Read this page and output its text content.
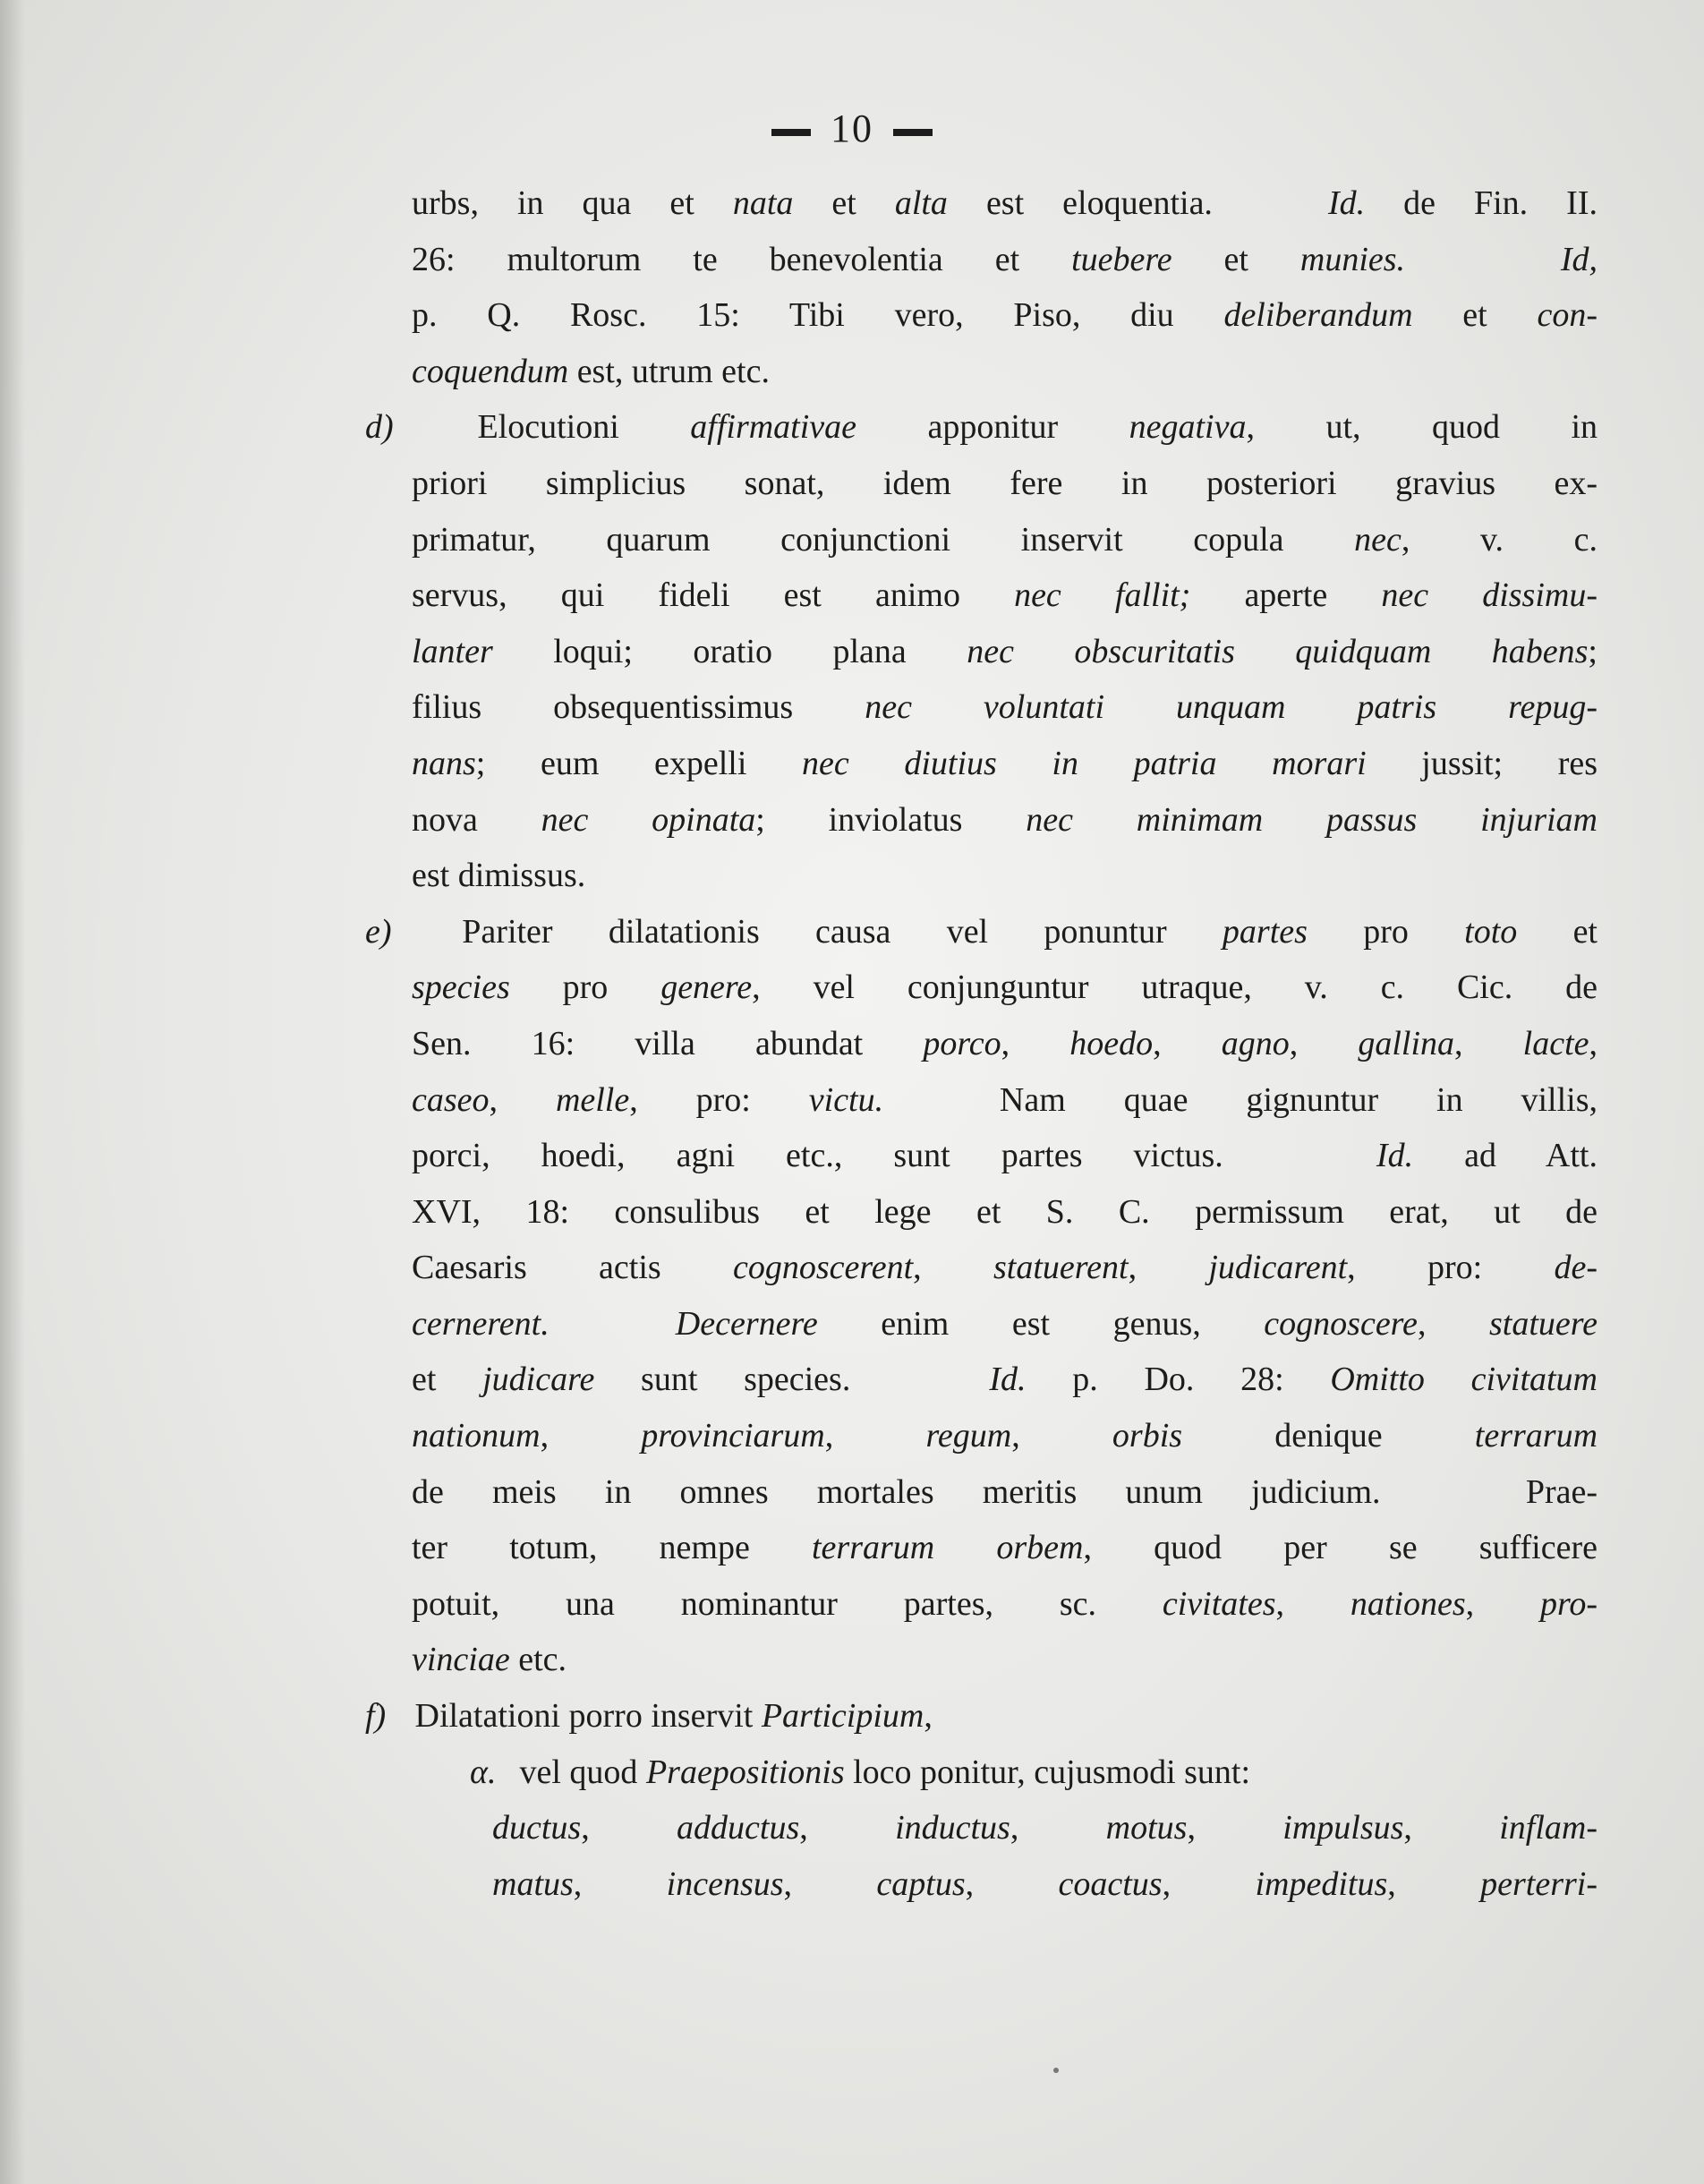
10
urbs, in qua et nata et alta est eloquentia.   Id. de Fin. II.
26: multorum te benevolentia et tuebere et munies.	Id,
p. Q. Rosc. 15: Tibi vero, Piso, diu deliberandum et con-
coquendum est, utrum etc.
d) Elocutioni affirmativae apponitur negativa, ut, quod in
priori simplicius sonat, idem fere in posteriori gravius ex-
primatur, quarum conjunctioni inservit copula nec, v. c.
servus, qui fideli est animo nec fallit; aperte nec dissimu-
lanter loqui; oratio plana nec obscuritatis quidquam habens;
filius obsequentissimus nec voluntati unquam patris repug-
nans; eum expelli nec diutius in patria morari jussit; res
nova nec opinata; inviolatus nec minimam passus injuriam
est dimissus.
e) Pariter dilatationis causa vel ponuntur partes pro toto et
species pro genere, vel conjunguntur utraque, v. c. Cic. de
Sen. 16: villa abundat porco, hoedo, agno, gallina, lacte,
caseo, melle, pro: victu.  Nam quae gignuntur in villis,
porci, hoedi, agni etc., sunt partes victus.   Id. ad Att.
XVI, 18: consulibus et lege et S. C. permissum erat, ut de
Caesaris actis cognoscerent, statuerent, judicarent, pro: de-
cernerent.	Decernere enim est genus, cognoscere, statuere
et judicare sunt species.   Id. p. Do. 28: Omitto civitatum
nationum, provinciarum, regum, orbis denique terrarum
de meis in omnes mortales meritis unum judicium.   Prae-
ter totum, nempe terrarum orbem, quod per se sufficere
potuit, una nominantur partes, sc. civitates, nationes, pro-
vinciae etc.
f) Dilatationi porro inservit Participium,
α. vel quod Praepositionis loco ponitur, cujusmodi sunt:
ductus, adductus, inductus, motus, impulsus, inflam-
matus, incensus, captus, coactus, impeditus, perterri-
